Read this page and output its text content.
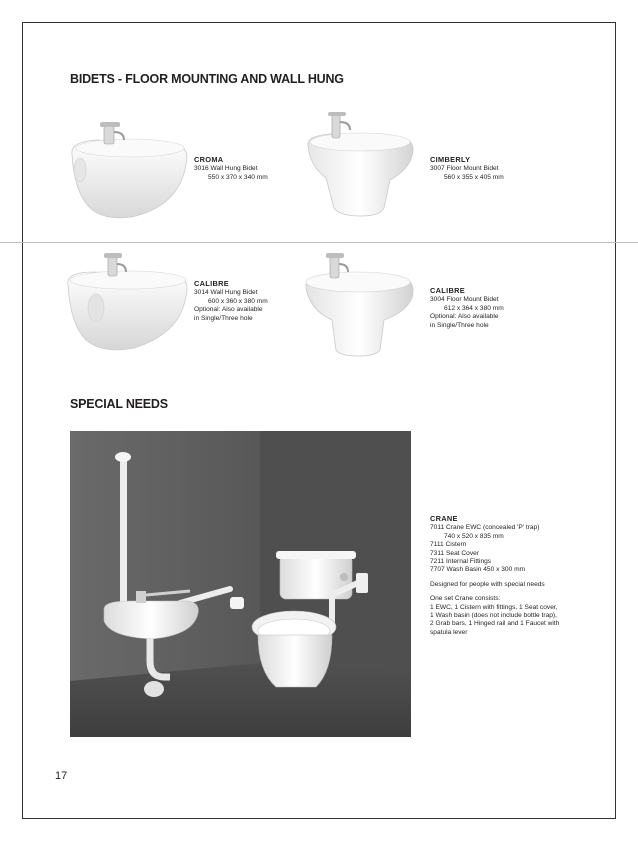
BIDETS - FLOOR MOUNTING AND WALL HUNG
CROMA
3016 Wall Hung Bidet
550 x 370 x 340 mm
CIMBERLY
3007 Floor Mount Bidet
560 x 355 x 405 mm
CALIBRE
3014 Wall Hung Bidet
600 x 360 x 380 mm
Optional: Also available
in Single/Three hole
CALIBRE
3004 Floor Mount Bidet
612 x 364 x 380 mm
Optional: Also available
in Single/Three hole
SPECIAL NEEDS
CRANE
7011 Crane EWC (concealed 'P' trap)
740 x 520 x 835 mm
7111 Cistern
7311 Seat Cover
7211 Internal Fittings
7707 Wash Basin 450 x 300 mm
Designed for people with special needs
One set Crane consists:
1 EWC, 1 Cistern with fittings, 1 Seat cover,
1 Wash basin (does not include bottle trap),
2 Grab bars, 1 Hinged rail and 1 Faucet with
spatula lever
17
